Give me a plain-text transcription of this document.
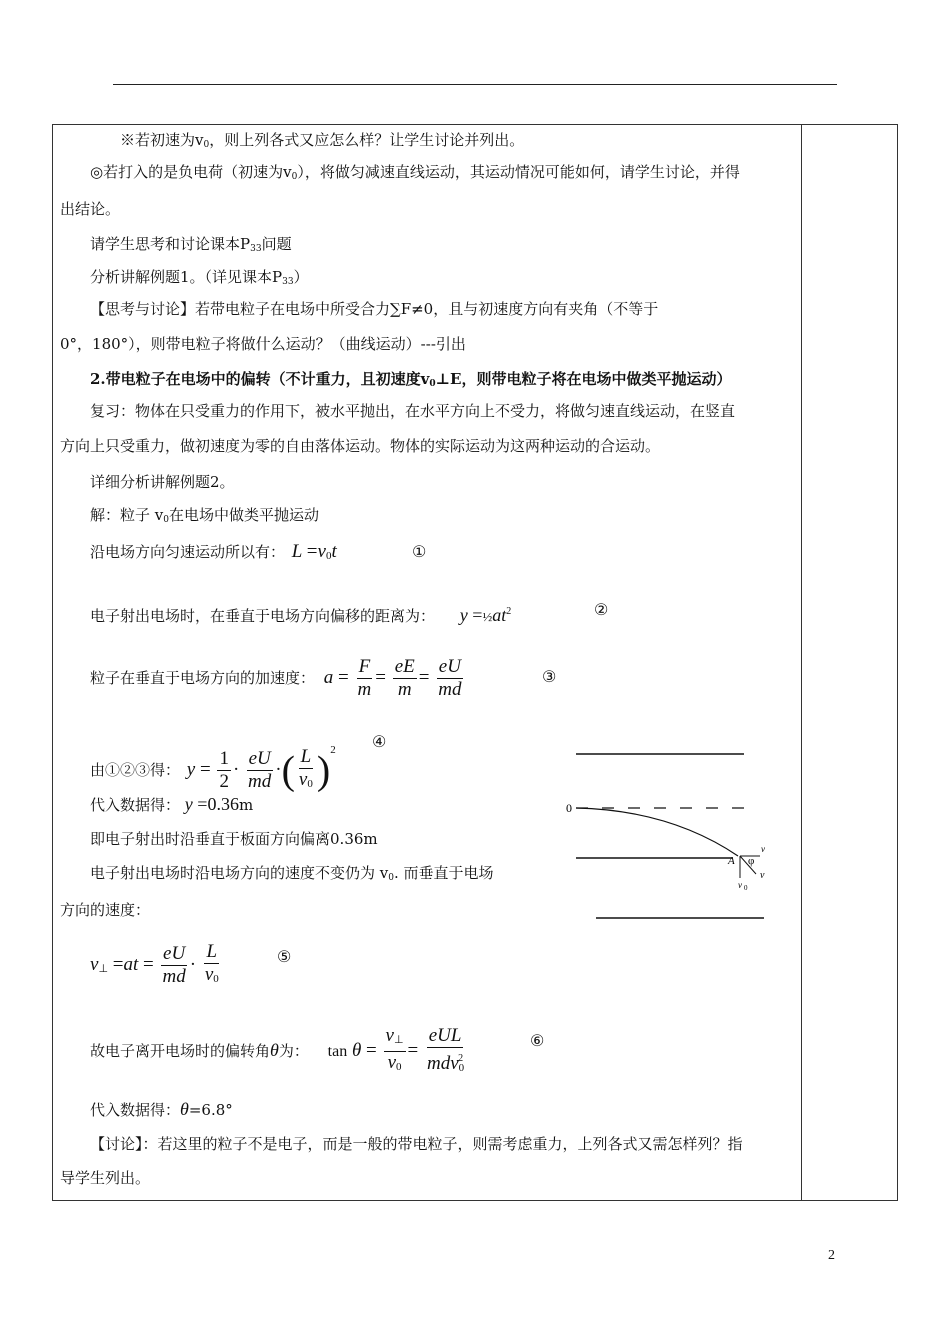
※若初速为$v_0$，则上列各式又应怎么样？让学生讨论并列出。
◎若打入的是负电荷（初速为$v_0$），将做匀减速直线运动，其运动情况可能如何，请学生讨论，并得
出结论。
请学生思考和讨论课本$P_{33}$问题
分析讲解例题1。（详见课本$P_{33}$）
【思考与讨论】若带电粒子在电场中所受合力∑F≠0，且与初速度方向有夹角（不等于
0°，180°），则带电粒子将做什么运动？（曲线运动）---引出
2.带电粒子在电场中的偏转（不计重力，且初速度$v_0\perp E$，则带电粒子将在电场中做类平抛运动）
复习：物体在只受重力的作用下，被水平抛出，在水平方向上不受力，将做匀速直线运动，在竖直
方向上只受重力，做初速度为零的自由落体运动。物体的实际运动为这两种运动的合运动。
详细分析讲解例题2。
解：粒子 $v_0$在电场中做类平抛运动
沿电场方向匀速运动所以有： $L =v_0t$	①
电子射出电场时，在垂直于电场方向偏移的距离为： $y =\frac{1}{2}at^2$	②
粒子在垂直于电场方向的加速度： $a = \frac{F}{m} = \frac{eE}{m} = \frac{eU}{md}$	③
由①②③得： $y = \frac{1}{2} \cdot \frac{eU}{md}$ ·( $\frac{L}{v_0} )^2$ ④
代入数据得： y =0.36m
即电子射出时沿垂直于板面方向偏离0.36m
电子射出电场时沿电场方向的速度不变仍为 $v_0$. 而垂直于电场
方向的速度：
$v_\perp =at = \frac{eU}{md} \cdot \frac{L}{v_0}$	⑤
故电子离开电场时的偏转角θ为： $\tan \theta = \frac{v_\perp}{v_0} = \frac{\text{eUL}}{mdv_0^2}$	⑥
代入数据得：θ=6.8°
【讨论】：若这里的粒子不是电子，而是一般的带电粒子，则需考虑重力，上列各式又需怎样列？指
导学生列出。
0
A φ
v
v
v 0
2
